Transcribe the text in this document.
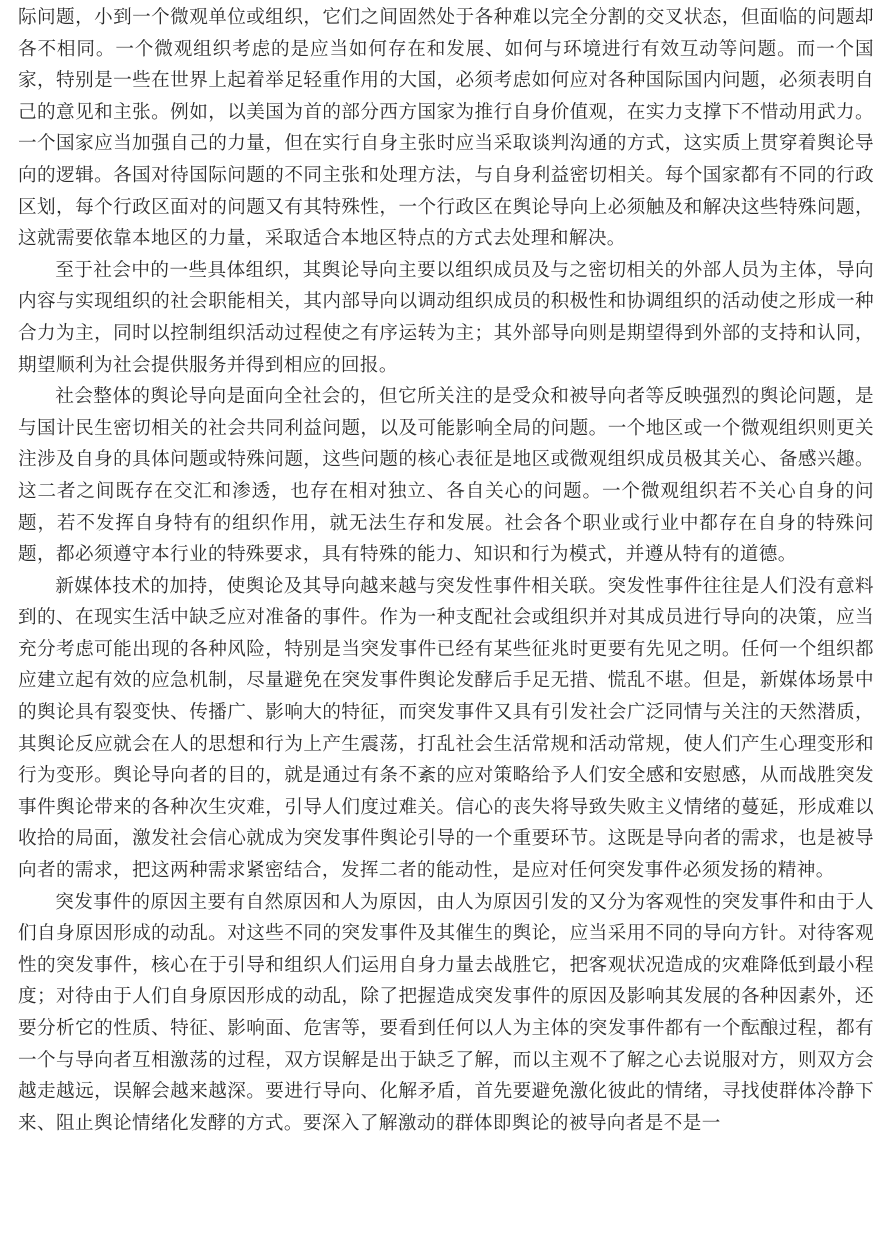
际问题，小到一个微观单位或组织，它们之间固然处于各种难以完全分割的交叉状态，但面临的问题却各不相同。一个微观组织考虑的是应当如何存在和发展、如何与环境进行有效互动等问题。而一个国家，特别是一些在世界上起着举足轻重作用的大国，必须考虑如何应对各种国际国内问题，必须表明自己的意见和主张。例如，以美国为首的部分西方国家为推行自身价值观，在实力支撑下不惜动用武力。一个国家应当加强自己的力量，但在实行自身主张时应当采取谈判沟通的方式，这实质上贯穿着舆论导向的逻辑。各国对待国际问题的不同主张和处理方法，与自身利益密切相关。每个国家都有不同的行政区划，每个行政区面对的问题又有其特殊性，一个行政区在舆论导向上必须触及和解决这些特殊问题，这就需要依靠本地区的力量，采取适合本地区特点的方式去处理和解决。

至于社会中的一些具体组织，其舆论导向主要以组织成员及与之密切相关的外部人员为主体，导向内容与实现组织的社会职能相关，其内部导向以调动组织成员的积极性和协调组织的活动使之形成一种合力为主，同时以控制组织活动过程使之有序运转为主；其外部导向则是期望得到外部的支持和认同，期望顺利为社会提供服务并得到相应的回报。

社会整体的舆论导向是面向全社会的，但它所关注的是受众和被导向者等反映强烈的舆论问题，是与国计民生密切相关的社会共同利益问题，以及可能影响全局的问题。一个地区或一个微观组织则更关注涉及自身的具体问题或特殊问题，这些问题的核心表征是地区或微观组织成员极其关心、备感兴趣。这二者之间既存在交汇和渗透，也存在相对独立、各自关心的问题。一个微观组织若不关心自身的问题，若不发挥自身特有的组织作用，就无法生存和发展。社会各个职业或行业中都存在自身的特殊问题，都必须遵守本行业的特殊要求，具有特殊的能力、知识和行为模式，并遵从特有的道德。

新媒体技术的加持，使舆论及其导向越来越与突发性事件相关联。突发性事件往往是人们没有意料到的、在现实生活中缺乏应对准备的事件。作为一种支配社会或组织并对其成员进行导向的决策，应当充分考虑可能出现的各种风险，特别是当突发事件已经有某些征兆时更要有先见之明。任何一个组织都应建立起有效的应急机制，尽量避免在突发事件舆论发酵后手足无措、慌乱不堪。但是，新媒体场景中的舆论具有裂变快、传播广、影响大的特征，而突发事件又具有引发社会广泛同情与关注的天然潜质，其舆论反应就会在人的思想和行为上产生震荡，打乱社会生活常规和活动常规，使人们产生心理变形和行为变形。舆论导向者的目的，就是通过有条不紊的应对策略给予人们安全感和安慰感，从而战胜突发事件舆论带来的各种次生灾难，引导人们度过难关。信心的丧失将导致失败主义情绪的蔓延，形成难以收拾的局面，激发社会信心就成为突发事件舆论引导的一个重要环节。这既是导向者的需求，也是被导向者的需求，把这两种需求紧密结合，发挥二者的能动性，是应对任何突发事件必须发扬的精神。

突发事件的原因主要有自然原因和人为原因，由人为原因引发的又分为客观性的突发事件和由于人们自身原因形成的动乱。对这些不同的突发事件及其催生的舆论，应当采用不同的导向方针。对待客观性的突发事件，核心在于引导和组织人们运用自身力量去战胜它，把客观状况造成的灾难降低到最小程度；对待由于人们自身原因形成的动乱，除了把握造成突发事件的原因及影响其发展的各种因素外，还要分析它的性质、特征、影响面、危害等，要看到任何以人为主体的突发事件都有一个酝酿过程，都有一个与导向者互相激荡的过程，双方误解是出于缺乏了解，而以主观不了解之心去说服对方，则双方会越走越远，误解会越来越深。要进行导向、化解矛盾，首先要避免激化彼此的情绪，寻找使群体冷静下来、阻止舆论情绪化发酵的方式。要深入了解激动的群体即舆论的被导向者是不是一
